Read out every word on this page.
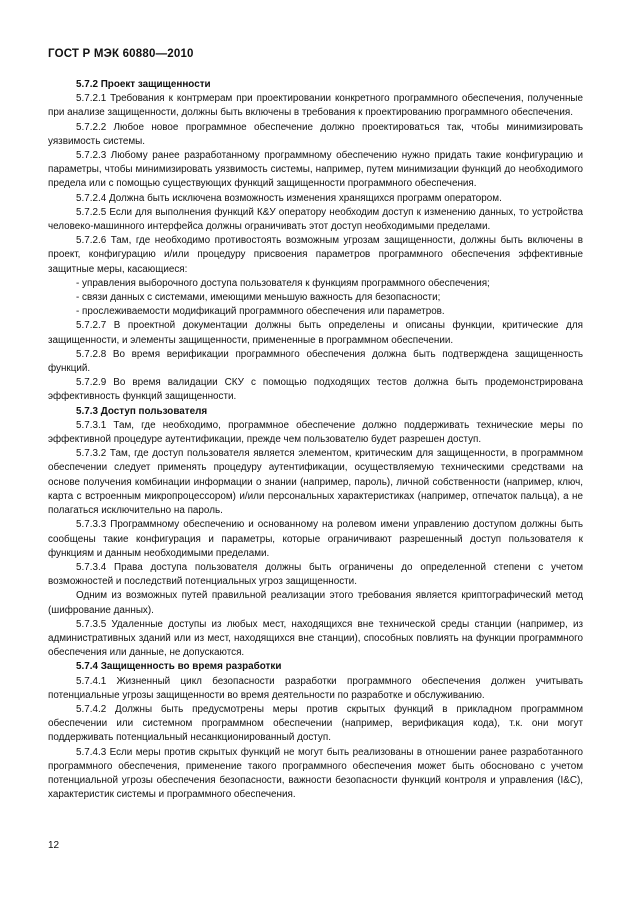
ГОСТ Р МЭК 60880—2010

5.7.2 Проект защищенности

5.7.2.1 Требования к контрмерам при проектировании конкретного программного обеспечения, полученные при анализе защищенности, должны быть включены в требования к проектированию программного обеспечения.

5.7.2.2 Любое новое программное обеспечение должно проектироваться так, чтобы минимизировать уязвимость системы.

5.7.2.3 Любому ранее разработанному программному обеспечению нужно придать такие конфигурацию и параметры, чтобы минимизировать уязвимость системы, например, путем минимизации функций до необходимого предела или с помощью существующих функций защищенности программного обеспечения.

5.7.2.4 Должна быть исключена возможность изменения хранящихся программ оператором.

5.7.2.5 Если для выполнения функций К&У оператору необходим доступ к изменению данных, то устройства человеко-машинного интерфейса должны ограничивать этот доступ необходимыми пределами.

5.7.2.6 Там, где необходимо противостоять возможным угрозам защищенности, должны быть включены в проект, конфигурацию и/или процедуру присвоения параметров программного обеспечения эффективные защитные меры, касающиеся:

- управления выборочного доступа пользователя к функциям программного обеспечения;

- связи данных с системами, имеющими меньшую важность для безопасности;

- прослеживаемости модификаций программного обеспечения или параметров.

5.7.2.7 В проектной документации должны быть определены и описаны функции, критические для защищенности, и элементы защищенности, примененные в программном обеспечении.

5.7.2.8 Во время верификации программного обеспечения должна быть подтверждена защищенность функций.

5.7.2.9 Во время валидации СКУ с помощью подходящих тестов должна быть продемонстрирована эффективность функций защищенности.

5.7.3 Доступ пользователя

5.7.3.1 Там, где необходимо, программное обеспечение должно поддерживать технические меры по эффективной процедуре аутентификации, прежде чем пользователю будет разрешен доступ.

5.7.3.2 Там, где доступ пользователя является элементом, критическим для защищенности, в программном обеспечении следует применять процедуру аутентификации, осуществляемую техническими средствами на основе получения комбинации информации о знании (например, пароль), личной собственности (например, ключ, карта с встроенным микропроцессором) и/или персональных характеристиках (например, отпечаток пальца), а не полагаться исключительно на пароль.

5.7.3.3 Программному обеспечению и основанному на ролевом имени управлению доступом должны быть сообщены такие конфигурация и параметры, которые ограничивают разрешенный доступ пользователя к функциям и данным необходимыми пределами.

5.7.3.4 Права доступа пользователя должны быть ограничены до определенной степени с учетом возможностей и последствий потенциальных угроз защищенности.

Одним из возможных путей правильной реализации этого требования является криптографический метод (шифрование данных).

5.7.3.5 Удаленные доступы из любых мест, находящихся вне технической среды станции (например, из административных зданий или из мест, находящихся вне станции), способных повлиять на функции программного обеспечения или данные, не допускаются.

5.7.4 Защищенность во время разработки

5.7.4.1 Жизненный цикл безопасности разработки программного обеспечения должен учитывать потенциальные угрозы защищенности во время деятельности по разработке и обслуживанию.

5.7.4.2 Должны быть предусмотрены меры против скрытых функций в прикладном программном обеспечении или системном программном обеспечении (например, верификация кода), т.к. они могут поддерживать потенциальный несанкционированный доступ.

5.7.4.3 Если меры против скрытых функций не могут быть реализованы в отношении ранее разработанного программного обеспечения, применение такого программного обеспечения может быть обосновано с учетом потенциальной угрозы обеспечения безопасности, важности безопасности функций контроля и управления (I&C), характеристик системы и программного обеспечения.

12
